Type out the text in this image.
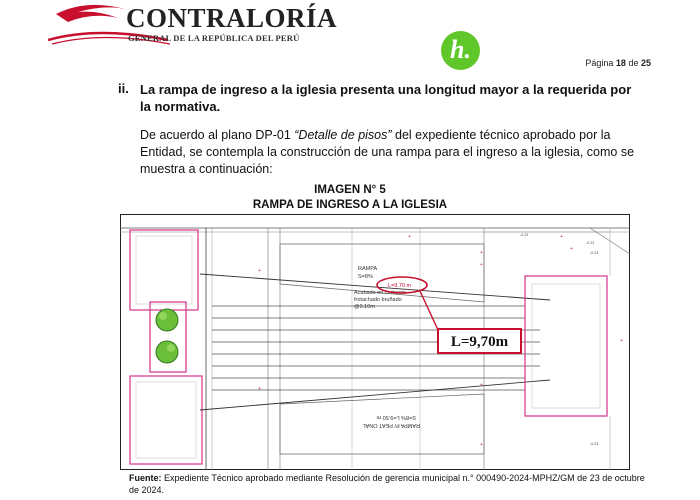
CONTRALORÍA
GENERAL DE LA REPÚBLICA DEL PERÚ	h.	Página 18 de 25
ii. La rampa de ingreso a la iglesia presenta una longitud mayor a la requerida por la normativa.
De acuerdo al plano DP-01 “Detalle de pisos” del expediente técnico aprobado por la Entidad, se contempla la construcción de una rampa para el ingreso a la iglesia, como se muestra a continuación:
IMAGEN N° 5
RAMPA DE INGRESO A LA IGLESIA
+
+
+
+
+
+
+
+
+
+
-0.23
-0.23
-0.23
-0.23
RAMPA
S=8%
L=9.70 m
Acabado en cemento
frotachado bruñado
@0.10m
RAMPA P/ PEAT ONAL
S=8% L=9.50 m
L=9,70m
Fuente: Expediente Técnico aprobado mediante Resolución de gerencia municipal n.° 000490-2024-MPHZ/GM de 23 de octubre de 2024.
